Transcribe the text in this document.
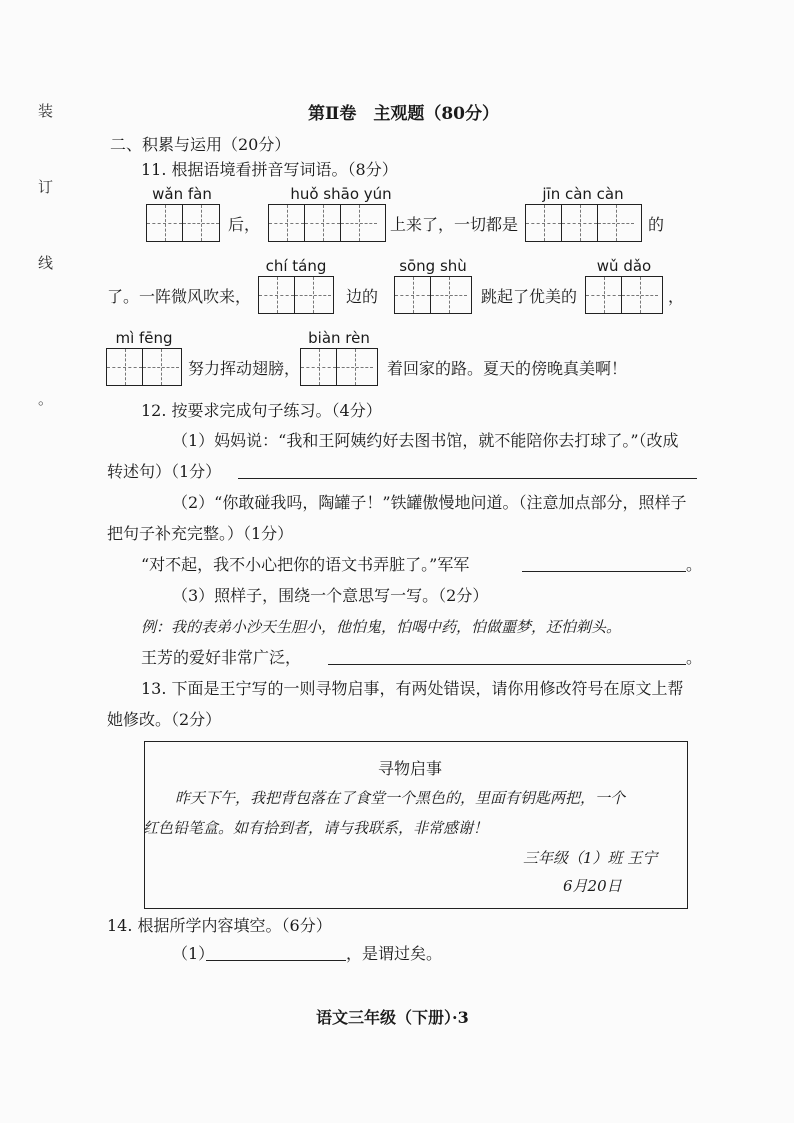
装
订
线
。
第Ⅱ卷　主观题（80分）
二、积累与运用（20分）
11. 根据语境看拼音写词语。（8分）
wǎn fàn
后，
huǒ shāo yún
上来了，一切都是
jīn càn càn
的
了。一阵微风吹来，
chí táng
边的
sōng shù
跳起了优美的
wǔ dǎo
，
mì fēng
努力挥动翅膀，
biàn rèn
着回家的路。夏天的傍晚真美啊！
12. 按要求完成句子练习。（4分）
（1）妈妈说：“我和王阿姨约好去图书馆，就不能陪你去打球了。”（改成
转述句）（1分）
（2）“你敢碰我吗，陶罐子！”铁罐傲慢地问道。（注意加点部分，照样子
把句子补充完整。）（1分）
“对不起，我不小心把你的语文书弄脏了。”军军	。
（3）照样子，围绕一个意思写一写。（2分）
例：我的表弟小沙天生胆小，他怕鬼，怕喝中药，怕做噩梦，还怕剃头。
王芳的爱好非常广泛，	。
13. 下面是王宁写的一则寻物启事，有两处错误，请你用修改符号在原文上帮
她修改。（2分）
寻物启事
昨天下午，我把背包落在了食堂一个黑色的，里面有钥匙两把，一个
红色铅笔盒。如有拾到者，请与我联系，非常感谢！
三年级（1）班 王宁
6月20日
14. 根据所学内容填空。（6分）
（1）	，是谓过矣。
语文三年级（下册）·3
